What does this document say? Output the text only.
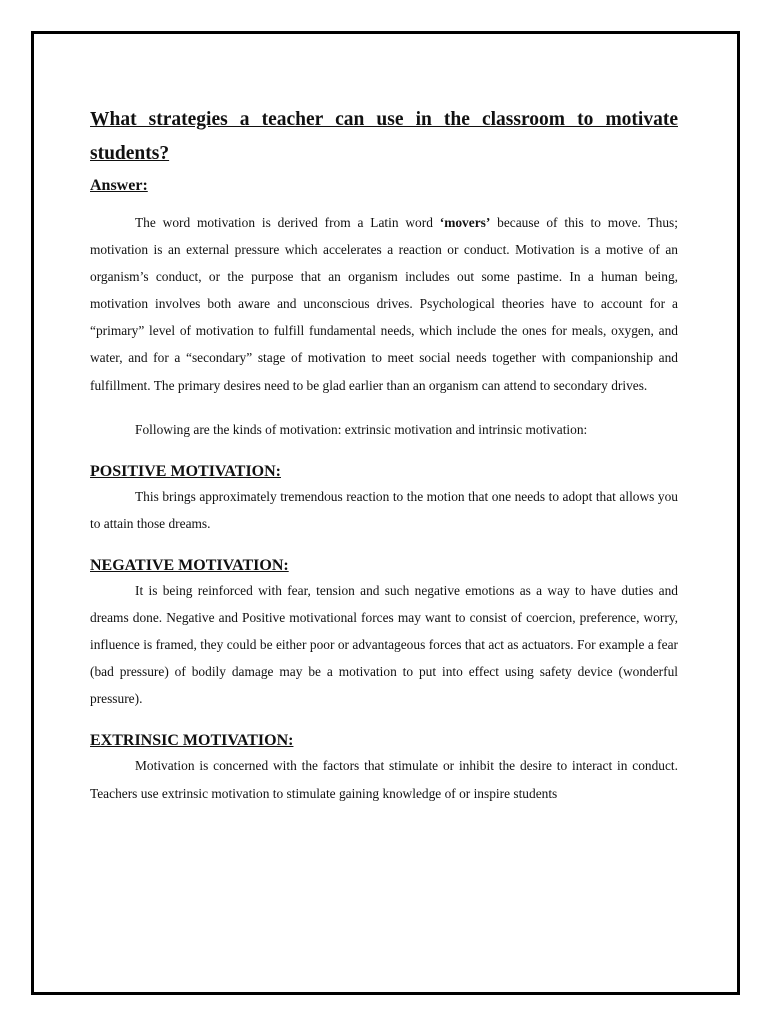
What strategies a teacher can use in the classroom to motivate students?
Answer:

The word motivation is derived from a Latin word ‘movers’ because of this to move. Thus; motivation is an external pressure which accelerates a reaction or conduct. Motivation is a motive of an organism’s conduct, or the purpose that an organism includes out some pastime. In a human being, motivation involves both aware and unconscious drives. Psychological theories have to account for a “primary” level of motivation to fulfill fundamental needs, which include the ones for meals, oxygen, and water, and for a “secondary” stage of motivation to meet social needs together with companionship and fulfillment. The primary desires need to be glad earlier than an organism can attend to secondary drives.

Following are the kinds of motivation: extrinsic motivation and intrinsic motivation:

POSITIVE MOTIVATION:

This brings approximately tremendous reaction to the motion that one needs to adopt that allows you to attain those dreams.

NEGATIVE MOTIVATION:

It is being reinforced with fear, tension and such negative emotions as a way to have duties and dreams done. Negative and Positive motivational forces may want to consist of coercion, preference, worry, influence is framed, they could be either poor or advantageous forces that act as actuators. For example a fear (bad pressure) of bodily damage may be a motivation to put into effect using safety device (wonderful pressure).

EXTRINSIC MOTIVATION:

Motivation is concerned with the factors that stimulate or inhibit the desire to interact in conduct. Teachers use extrinsic motivation to stimulate gaining knowledge of or inspire students
